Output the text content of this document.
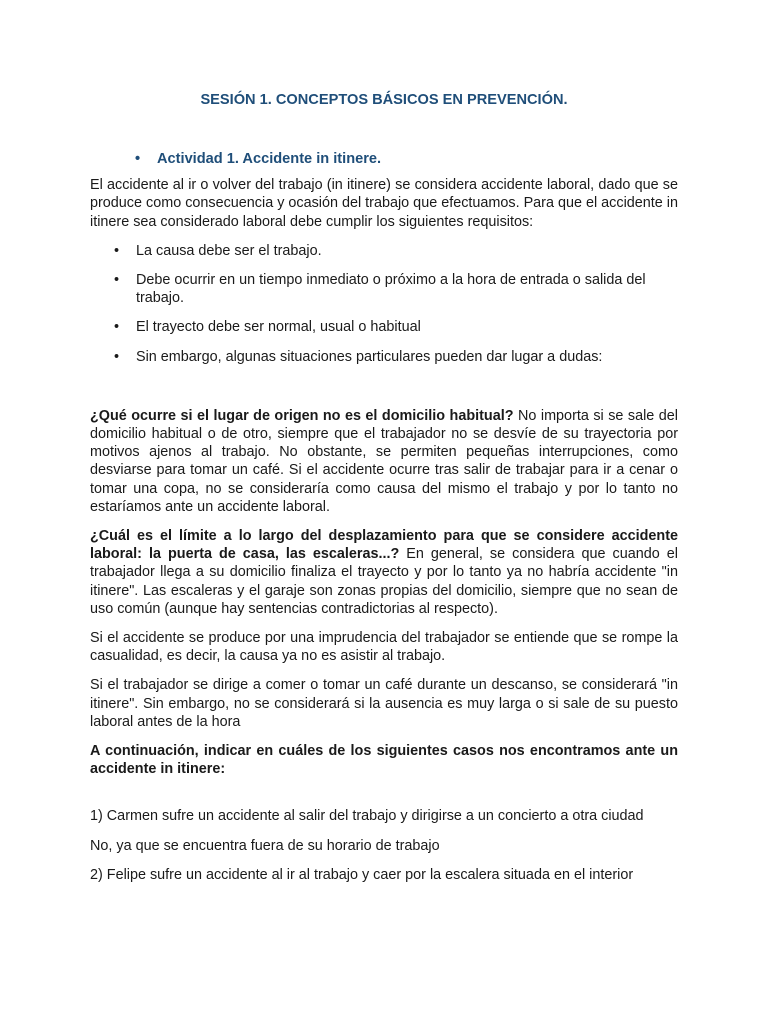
SESIÓN 1. CONCEPTOS BÁSICOS EN PREVENCIÓN.
•	Actividad 1. Accidente in itinere.

El accidente al ir o volver del trabajo (in itinere) se considera accidente laboral, dado que se produce como consecuencia y ocasión del trabajo que efectuamos. Para que el accidente in itinere sea considerado laboral debe cumplir los siguientes requisitos:

•	La causa debe ser el trabajo.
•	Debe ocurrir en un tiempo inmediato o próximo a la hora de entrada o salida del trabajo.
•	El trayecto debe ser normal, usual o habitual
•	Sin embargo, algunas situaciones particulares pueden dar lugar a dudas:

¿Qué ocurre si el lugar de origen no es el domicilio habitual? No importa si se sale del domicilio habitual o de otro, siempre que el trabajador no se desvíe de su trayectoria por motivos ajenos al trabajo. No obstante, se permiten pequeñas interrupciones, como desviarse para tomar un café. Si el accidente ocurre tras salir de trabajar para ir a cenar o tomar una copa, no se consideraría como causa del mismo el trabajo y por lo tanto no estaríamos ante un accidente laboral.

¿Cuál es el límite a lo largo del desplazamiento para que se considere accidente laboral: la puerta de casa, las escaleras...? En general, se considera que cuando el trabajador llega a su domicilio finaliza el trayecto y por lo tanto ya no habría accidente "in itinere". Las escaleras y el garaje son zonas propias del domicilio, siempre que no sean de uso común (aunque hay sentencias contradictorias al respecto).

Si el accidente se produce por una imprudencia del trabajador se entiende que se rompe la casualidad, es decir, la causa ya no es asistir al trabajo.

Si el trabajador se dirige a comer o tomar un café durante un descanso, se considerará "in itinere". Sin embargo, no se considerará si la ausencia es muy larga o si sale de su puesto laboral antes de la hora

A continuación, indicar en cuáles de los siguientes casos nos encontramos ante un accidente in itinere:

1) Carmen sufre un accidente al salir del trabajo y dirigirse a un concierto a otra ciudad

No, ya que se encuentra fuera de su horario de trabajo

2) Felipe sufre un accidente al ir al trabajo y caer por la escalera situada en el interior
